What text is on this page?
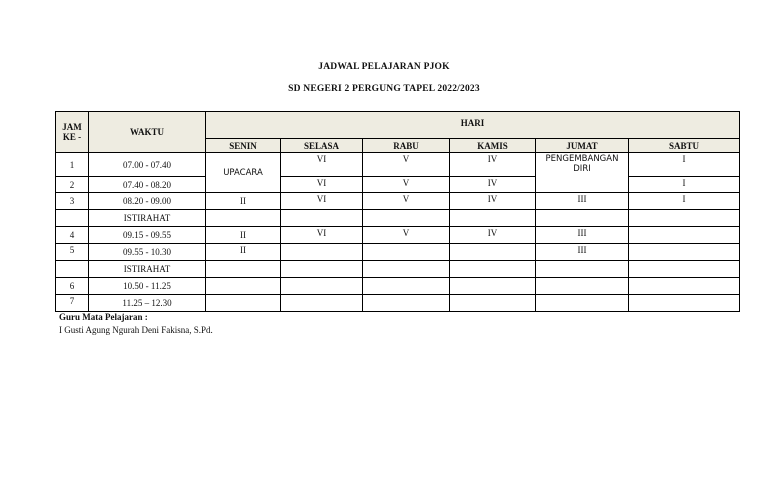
JADWAL PELAJARAN PJOK
SD NEGERI 2 PERGUNG TAPEL 2022/2023
JAM KE -	WAKTU	HARI					
		SENIN	SELASA	RABU	KAMIS	JUMAT	SABTU
1	07.00 - 07.40	UPACARA	VI	V	IV	PENGEMBANGAN DIRI	I
2	07.40 - 08.20		VI	V	IV		I
3	08.20 - 09.00	II	VI	V	IV	III	I
	ISTIRAHAT						
4	09.15 - 09.55	II	VI	V	IV	III	
5	09.55 - 10.30	II				III	
	ISTIRAHAT						
6	10.50 - 11.25						
7	11.25 – 12.30						
Guru Mata Pelajaran :
I Gusti Agung Ngurah Deni Fakisna, S.Pd.
